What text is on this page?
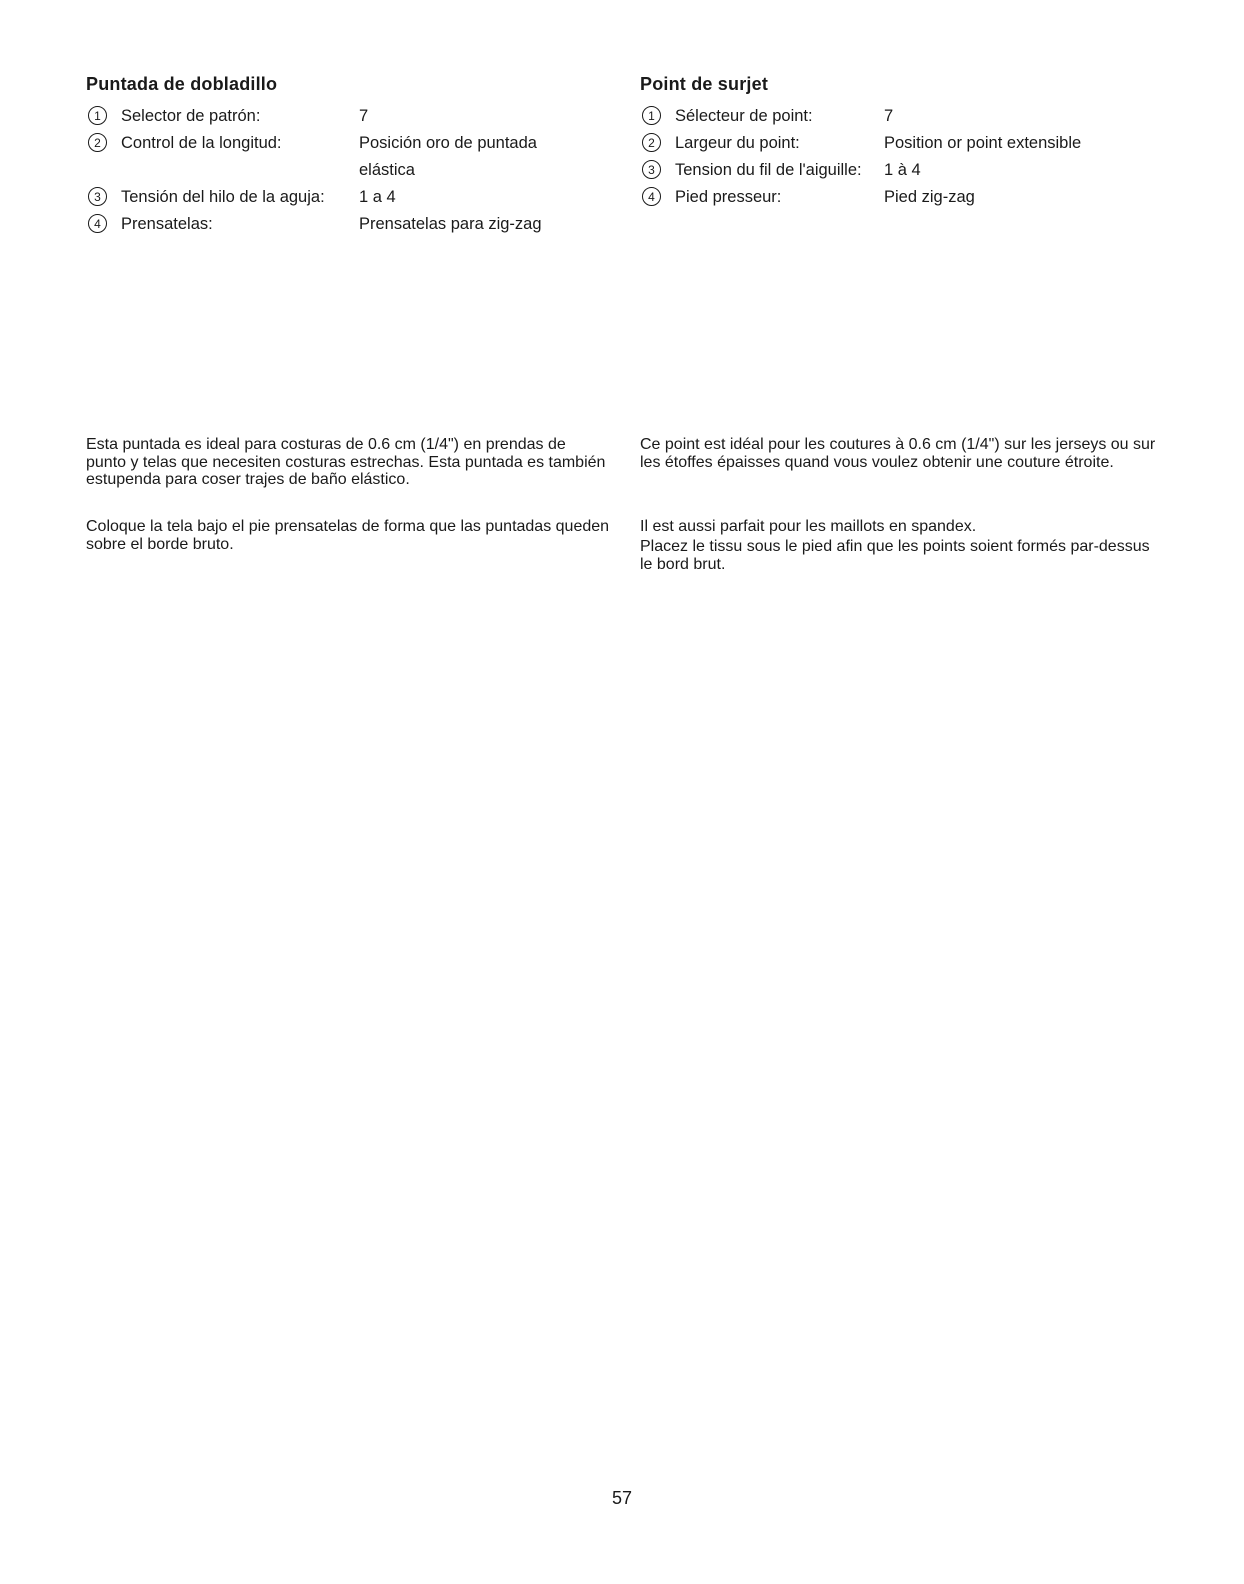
Puntada de dobladillo
1	Selector de patrón:	7
2	Control de la longitud:	Posición oro de puntada
elástica
3	Tensión del hilo de la aguja:	1 a 4
4	Prensatelas:	Prensatelas para zig-zag
Point de surjet
1	Sélecteur de point:	7
2	Largeur du point:	Position or point extensible
3	Tension du fil de l'aiguille:	1 à 4
4	Pied presseur:	Pied zig-zag

Esta puntada es ideal para costuras de 0.6 cm (1/4") en prendas de punto y telas que necesiten costuras estrechas. Esta puntada es también estupenda para coser trajes de baño elástico.

Coloque la tela bajo el pie prensatelas de forma que las puntadas queden sobre el borde bruto.

Ce point est idéal pour les coutures à 0.6 cm (1/4") sur les jerseys ou sur les étoffes épaisses quand vous voulez obtenir une couture étroite.

Il est aussi parfait pour les maillots en spandex.

Placez le tissu sous le pied afin que les points soient formés par-dessus le bord brut.

57
